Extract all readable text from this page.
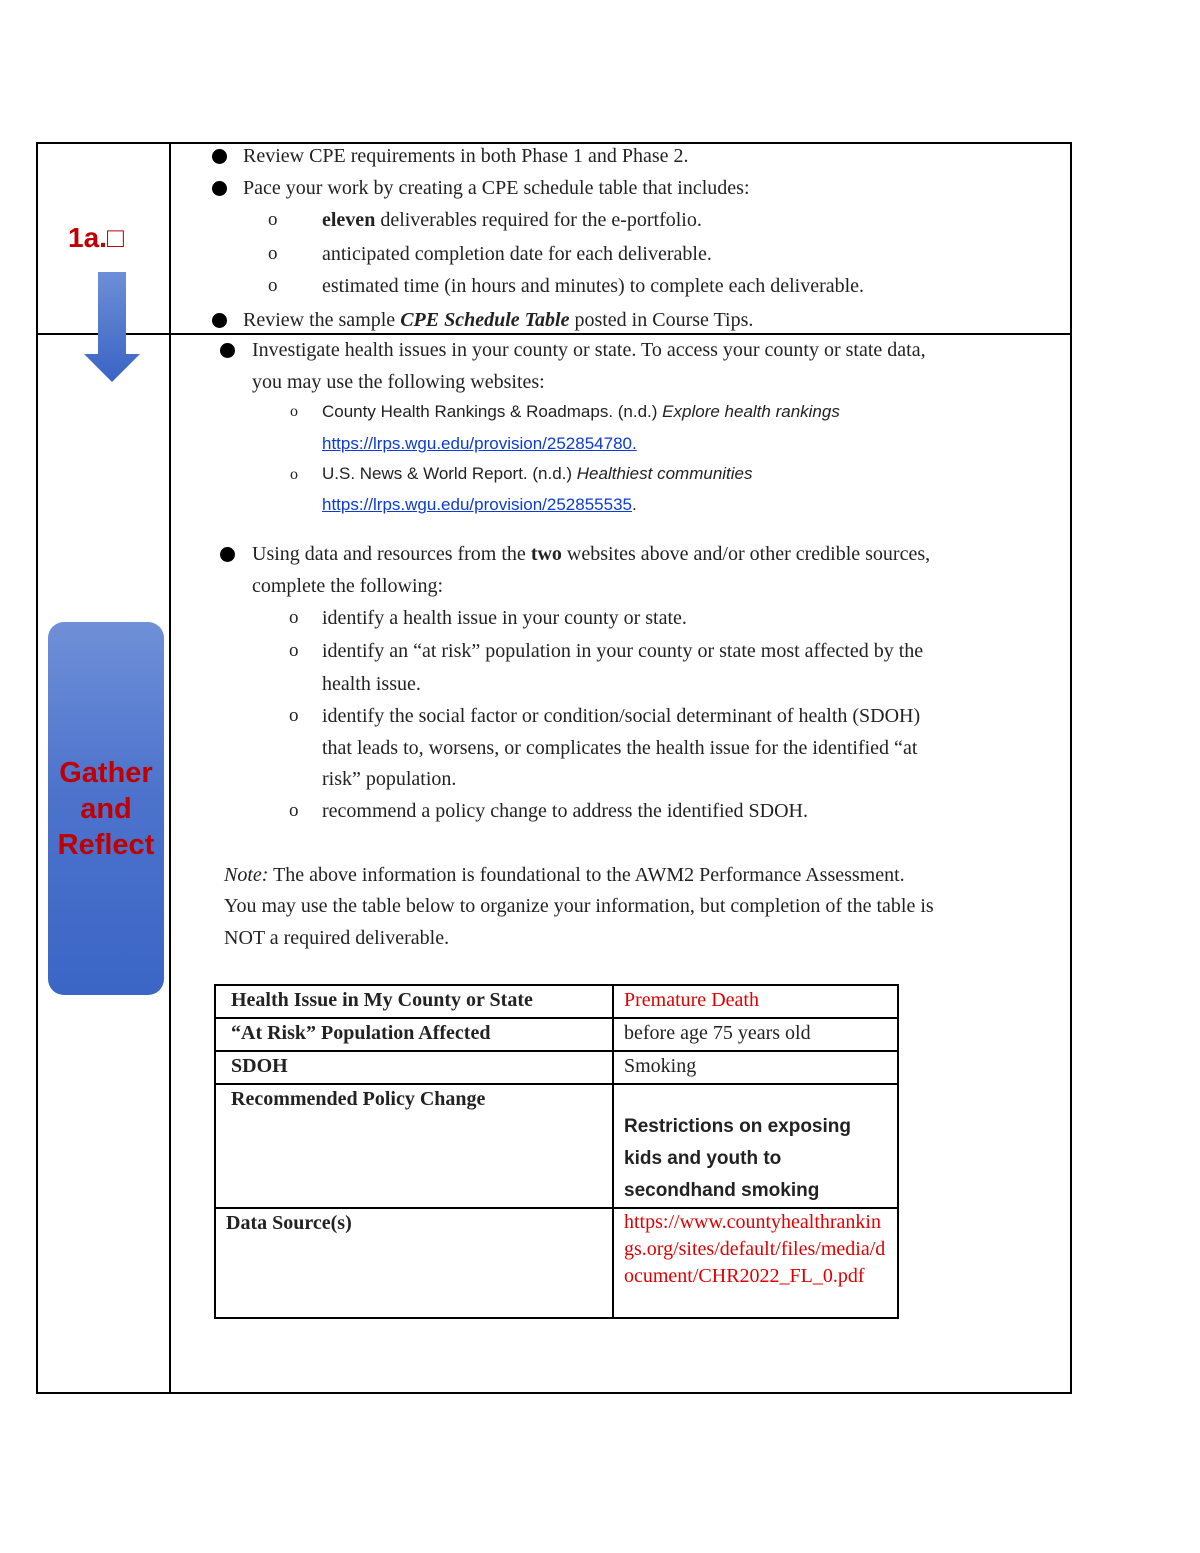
1a.□
Gather
and
Reflect
Review CPE requirements in both Phase 1 and Phase 2.
Pace your work by creating a CPE schedule table that includes:
o eleven deliverables required for the e-portfolio.
o anticipated completion date for each deliverable.
o estimated time (in hours and minutes) to complete each deliverable.
Review the sample CPE Schedule Table posted in Course Tips.
Investigate health issues in your county or state. To access your county or state data,
you may use the following websites:
o County Health Rankings & Roadmaps. (n.d.) Explore health rankings
https://lrps.wgu.edu/provision/252854780.
o U.S. News & World Report. (n.d.) Healthiest communities
https://lrps.wgu.edu/provision/252855535.
Using data and resources from the two websites above and/or other credible sources,
complete the following:
o identify a health issue in your county or state.
o identify an “at risk” population in your county or state most affected by the
health issue.
o identify the social factor or condition/social determinant of health (SDOH)
that leads to, worsens, or complicates the health issue for the identified “at
risk” population.
o recommend a policy change to address the identified SDOH.
Note: The above information is foundational to the AWM2 Performance Assessment.
You may use the table below to organize your information, but completion of the table is
NOT a required deliverable.
Health Issue in My County or State	Premature Death
“At Risk” Population Affected	before age 75 years old
SDOH	Smoking
Recommended Policy Change	Restrictions on exposing
kids and youth to
secondhand smoking

Data Source(s)	https://www.countyhealthrankings.org/sites/default/files/media/document/CHR2022_FL_0.pdf
